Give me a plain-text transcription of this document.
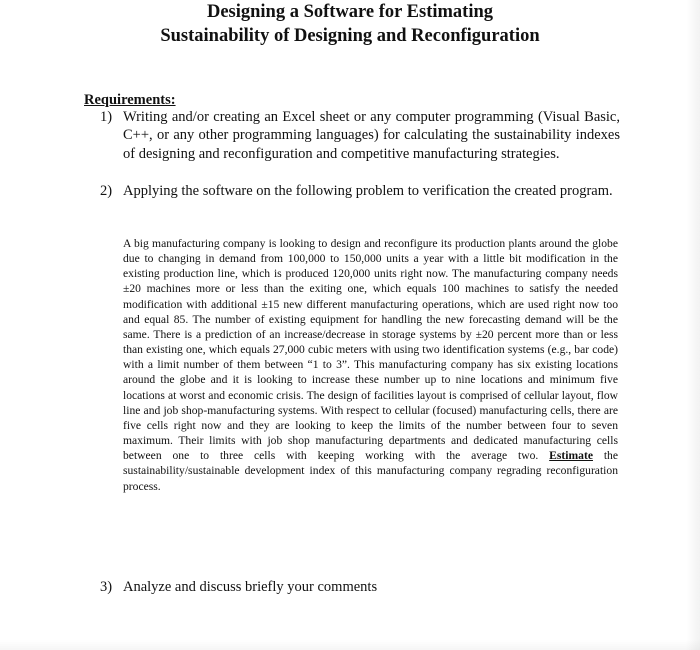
Designing a Software for Estimating
Sustainability of Designing and Reconfiguration
Requirements:
1) Writing and/or creating an Excel sheet or any computer programming (Visual Basic, C++, or any other programming languages) for calculating the sustainability indexes of designing and reconfiguration and competitive manufacturing strategies.
2) Applying the software on the following problem to verification the created program.
A big manufacturing company is looking to design and reconfigure its production plants around the globe due to changing in demand from 100,000 to 150,000 units a year with a little bit modification in the existing production line, which is produced 120,000 units right now. The manufacturing company needs ±20 machines more or less than the exiting one, which equals 100 machines to satisfy the needed modification with additional ±15 new different manufacturing operations, which are used right now too and equal 85. The number of existing equipment for handling the new forecasting demand will be the same. There is a prediction of an increase/decrease in storage systems by ±20 percent more than or less than existing one, which equals 27,000 cubic meters with using two identification systems (e.g., bar code) with a limit number of them between “1 to 3”. This manufacturing company has six existing locations around the globe and it is looking to increase these number up to nine locations and minimum five locations at worst and economic crisis. The design of facilities layout is comprised of cellular layout, flow line and job shop-manufacturing systems. With respect to cellular (focused) manufacturing cells, there are five cells right now and they are looking to keep the limits of the number between four to seven maximum. Their limits with job shop manufacturing departments and dedicated manufacturing cells between one to three cells with keeping working with the average two. Estimate the sustainability/sustainable development index of this manufacturing company regrading reconfiguration process.
3) Analyze and discuss briefly your comments
